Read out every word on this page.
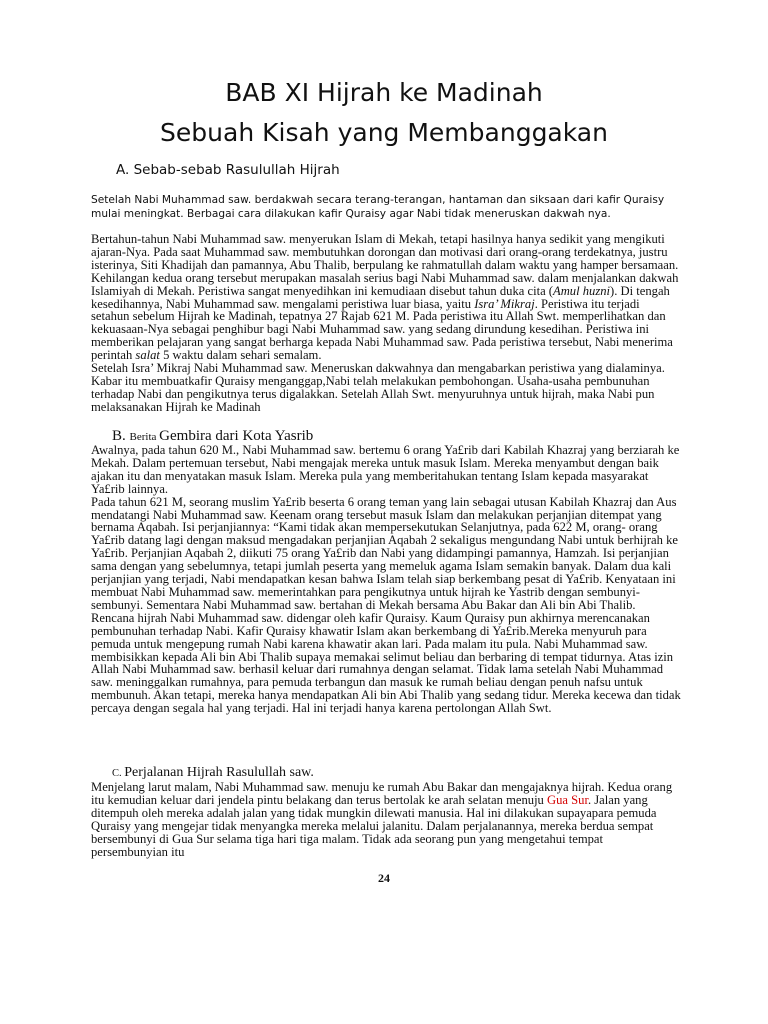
BAB XI Hijrah ke Madinah
Sebuah Kisah yang Membanggakan
A. Sebab-sebab Rasulullah Hijrah
Setelah Nabi Muhammad saw. berdakwah secara terang-terangan, hantaman dan siksaan dari kafir Quraisy mulai meningkat. Berbagai cara dilakukan kafir Quraisy agar Nabi tidak meneruskan dakwah nya.

Bertahun-tahun Nabi Muhammad saw. menyerukan Islam di Mekah, tetapi hasilnya hanya sedikit yang mengikuti ajaran-Nya. Pada saat Muhammad saw. membutuhkan dorongan dan motivasi dari orang-orang terdekatnya, justru isterinya, Siti Khadijah dan pamannya, Abu Thalib, berpulang ke rahmatullah dalam waktu yang hamper bersamaan. Kehilangan kedua orang tersebut merupakan masalah serius bagi Nabi Muhammad saw. dalam menjalankan dakwah Islamiyah di Mekah. Peristiwa sangat menyedihkan ini kemudiaan disebut tahun duka cita (Amul huzni). Di tengah kesedihannya, Nabi Muhammad saw. mengalami peristiwa luar biasa, yaitu Isra’ Mikraj. Peristiwa itu terjadi setahun sebelum Hijrah ke Madinah, tepatnya 27 Rajab 621 M. Pada peristiwa itu Allah Swt. memperlihatkan dan kekuasaan-Nya sebagai penghibur bagi Nabi Muhammad saw. yang sedang dirundung kesedihan. Peristiwa ini memberikan pelajaran yang sangat berharga kepada Nabi Muhammad saw. Pada peristiwa tersebut, Nabi menerima perintah salat 5 waktu dalam sehari semalam.

Setelah Isra’ Mikraj Nabi Muhammad saw. Meneruskan dakwahnya dan mengabarkan peristiwa yang dialaminya. Kabar itu membuatkafir Quraisy menganggap,Nabi telah melakukan pembohongan. Usaha-usaha pembunuhan terhadap Nabi dan pengikutnya terus digalakkan. Setelah Allah Swt. menyuruhnya untuk hijrah, maka Nabi pun melaksanakan Hijrah ke Madinah

B. Berita Gembira dari Kota Yasrib

Awalnya, pada tahun 620 M., Nabi Muhammad saw. bertemu 6 orang Ya£rib dari Kabilah Khazraj yang berziarah ke Mekah. Dalam pertemuan tersebut, Nabi mengajak mereka untuk masuk Islam. Mereka menyambut dengan baik ajakan itu dan menyatakan masuk Islam. Mereka pula yang memberitahukan tentang Islam kepada masyarakat Ya£rib lainnya.

Pada tahun 621 M, seorang muslim Ya£rib beserta 6 orang teman yang lain sebagai utusan Kabilah Khazraj dan Aus mendatangi Nabi Muhammad saw. Keenam orang tersebut masuk Islam dan melakukan perjanjian ditempat yang bernama Aqabah. Isi perjanjiannya: “Kami tidak akan mempersekutukan Selanjutnya, pada 622 M, orang- orang Ya£rib datang lagi dengan maksud mengadakan perjanjian Aqabah 2 sekaligus mengundang Nabi untuk berhijrah ke Ya£rib. Perjanjian Aqabah 2, diikuti 75 orang Ya£rib dan Nabi yang didampingi pamannya, Hamzah. Isi perjanjian sama dengan yang sebelumnya, tetapi jumlah peserta yang memeluk agama Islam semakin banyak. Dalam dua kali perjanjian yang terjadi, Nabi mendapatkan kesan bahwa Islam telah siap berkembang pesat di Ya£rib. Kenyataan ini membuat Nabi Muhammad saw. memerintahkan para pengikutnya untuk hijrah ke Yastrib dengan sembunyi-sembunyi. Sementara Nabi Muhammad saw. bertahan di Mekah bersama Abu Bakar dan Ali bin Abi Thalib.

Rencana hijrah Nabi Muhammad saw. didengar oleh kafir Quraisy. Kaum Quraisy pun akhirnya merencanakan pembunuhan terhadap Nabi. Kafir Quraisy khawatir Islam akan berkembang di Ya£rib.Mereka menyuruh para pemuda untuk mengepung rumah Nabi karena khawatir akan lari. Pada malam itu pula. Nabi Muhammad saw. membisikkan kepada Ali bin Abi Thalib supaya memakai selimut beliau dan berbaring di tempat tidurnya. Atas izin Allah Nabi Muhammad saw. berhasil keluar dari rumahnya dengan selamat. Tidak lama setelah Nabi Muhammad saw. meninggalkan rumahnya, para pemuda terbangun dan masuk ke rumah beliau dengan penuh nafsu untuk membunuh. Akan tetapi, mereka hanya mendapatkan Ali bin Abi Thalib yang sedang tidur. Mereka kecewa dan tidak percaya dengan segala hal yang terjadi. Hal ini terjadi hanya karena pertolongan Allah Swt.

C. Perjalanan Hijrah Rasulullah saw.

Menjelang larut malam, Nabi Muhammad saw. menuju ke rumah Abu Bakar dan mengajaknya hijrah. Kedua orang itu kemudian keluar dari jendela pintu belakang dan terus bertolak ke arah selatan menuju Gua Sur. Jalan yang ditempuh oleh mereka adalah jalan yang tidak mungkin dilewati manusia. Hal ini dilakukan supayapara pemuda Quraisy yang mengejar tidak menyangka mereka melalui jalanitu. Dalam perjalanannya, mereka berdua sempat bersembunyi di Gua Sur selama tiga hari tiga malam. Tidak ada seorang pun yang mengetahui tempat persembunyian itu

24
